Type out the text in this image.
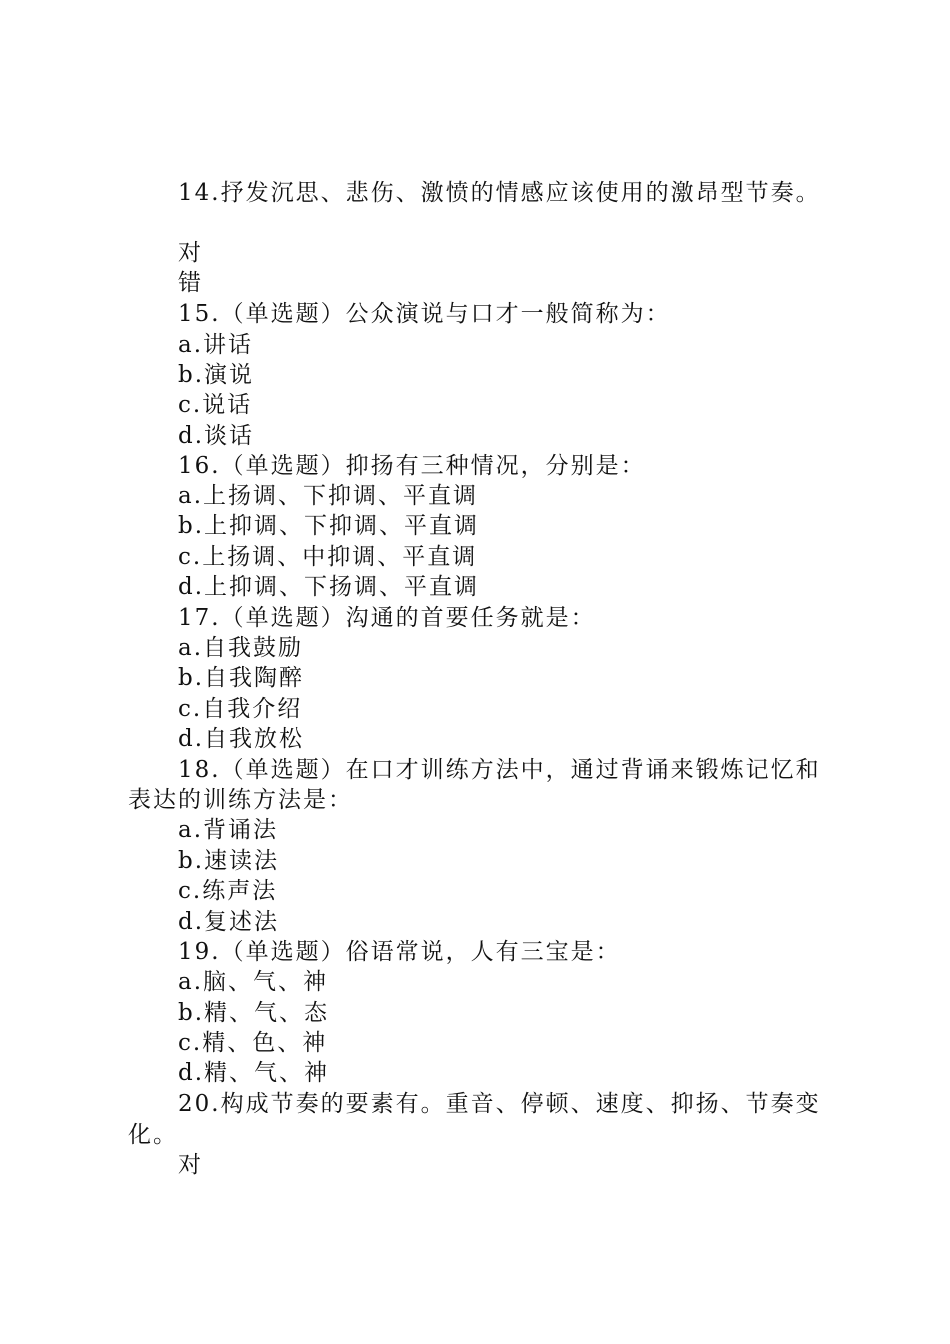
14.抒发沉思、悲伤、激愤的情感应该使用的激昂型节奏。
对
错
15.（单选题）公众演说与口才一般简称为：
a.讲话
b.演说
c.说话
d.谈话
16.（单选题）抑扬有三种情况，分别是：
a.上扬调、下抑调、平直调
b.上抑调、下抑调、平直调
c.上扬调、中抑调、平直调
d.上抑调、下扬调、平直调
17.（单选题）沟通的首要任务就是：
a.自我鼓励
b.自我陶醉
c.自我介绍
d.自我放松
18.（单选题）在口才训练方法中，通过背诵来锻炼记忆和
表达的训练方法是：
a.背诵法
b.速读法
c.练声法
d.复述法
19.（单选题）俗语常说，人有三宝是：
a.脑、气、神
b.精、气、态
c.精、色、神
d.精、气、神
20.构成节奏的要素有。重音、停顿、速度、抑扬、节奏变
化。
对
